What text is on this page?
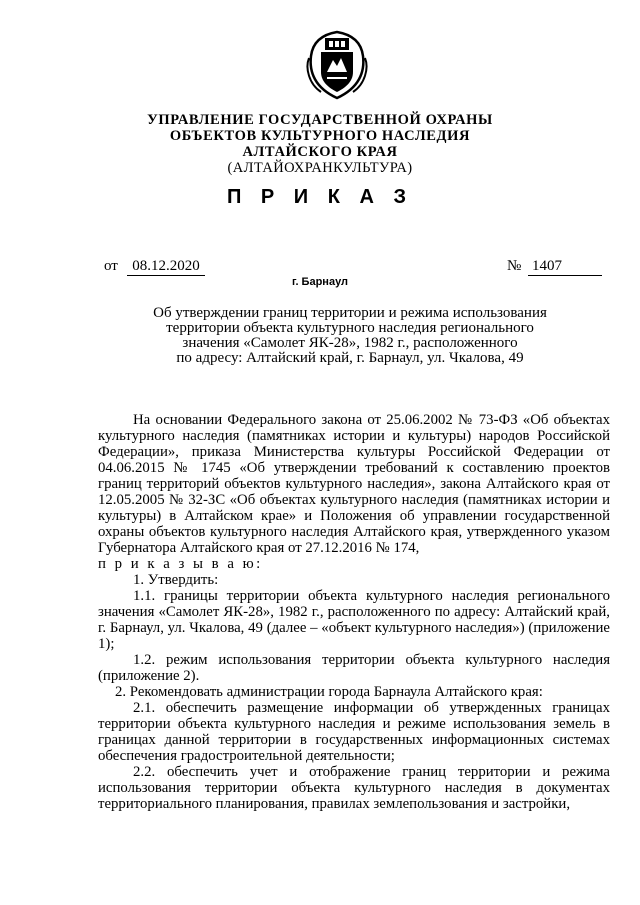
УПРАВЛЕНИЕ ГОСУДАРСТВЕННОЙ ОХРАНЫ
ОБЪЕКТОВ КУЛЬТУРНОГО НАСЛЕДИЯ
АЛТАЙСКОГО КРАЯ
(АЛТАЙОХРАНКУЛЬТУРА)
П Р И К А З
от 08.12.2020	№ 1407
г. Барнаул
Об утверждении границ территории и режима использования
территории объекта культурного наследия регионального
значения «Самолет ЯК-28», 1982 г., расположенного
по адресу: Алтайский край, г. Барнаул, ул. Чкалова, 49

На основании Федерального закона от 25.06.2002 № 73-ФЗ «Об объектах культурного наследия (памятниках истории и культуры) народов Российской Федерации», приказа Министерства культуры Российской Федерации от 04.06.2015 № 1745 «Об утверждении требований к составлению проектов границ территорий объектов культурного наследия», закона Алтайского края от 12.05.2005 № 32-ЗС «Об объектах культурного наследия (памятниках истории и культуры) в Алтайском крае» и Положения об управлении государственной охраны объектов культурного наследия Алтайского края, утвержденного указом Губернатора Алтайского края от 27.12.2016 № 174,

п р и к а з ы в а ю:

1. Утвердить:

1.1. границы территории объекта культурного наследия регионального значения «Самолет ЯК-28», 1982 г., расположенного по адресу: Алтайский край, г. Барнаул, ул. Чкалова, 49 (далее – «объект культурного наследия») (приложение 1);

1.2. режим использования территории объекта культурного наследия (приложение 2).

2. Рекомендовать администрации города Барнаула Алтайского края:

2.1. обеспечить размещение информации об утвержденных границах территории объекта культурного наследия и режиме использования земель в границах данной территории в государственных информационных системах обеспечения градостроительной деятельности;

2.2. обеспечить учет и отображение границ территории и режима использования территории объекта культурного наследия в документах территориального планирования, правилах землепользования и застройки,
